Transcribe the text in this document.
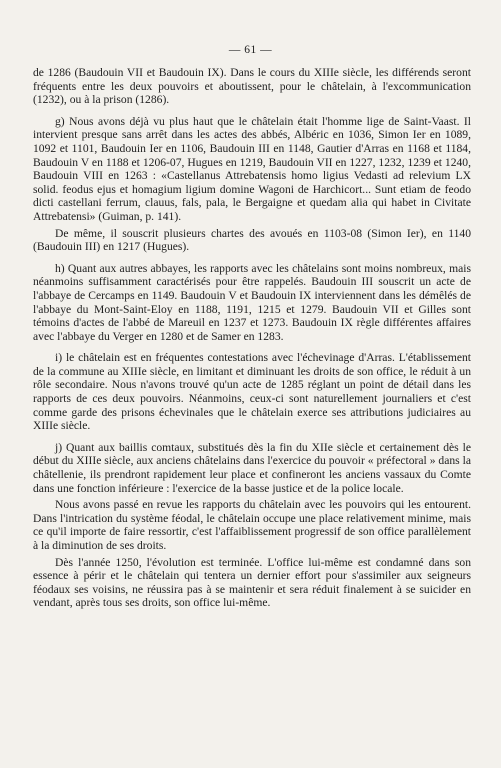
— 61 —

de 1286 (Baudouin VII et Baudouin IX). Dans le cours du XIIIe siècle, les différends seront fréquents entre les deux pouvoirs et aboutissent, pour le châtelain, à l'excommunication (1232), ou à la prison (1286).

g) Nous avons déjà vu plus haut que le châtelain était l'homme lige de Saint-Vaast. Il intervient presque sans arrêt dans les actes des abbés, Albéric en 1036, Simon Ier en 1089, 1092 et 1101, Baudouin Ier en 1106, Baudouin III en 1148, Gautier d'Arras en 1168 et 1184, Baudouin V en 1188 et 1206-07, Hugues en 1219, Baudouin VII en 1227, 1232, 1239 et 1240, Baudouin VIII en 1263 : «Castellanus Attrebatensis homo ligius Vedasti ad relevium LX solid. feodus ejus et homagium ligium domine Wagoni de Harchicort... Sunt etiam de feodo dicti castellani ferrum, clauus, fals, pala, le Bergaigne et quedam alia qui habet in Civitate Attrebatensi» (Guiman, p. 141).

De même, il souscrit plusieurs chartes des avoués en 1103-08 (Simon Ier), en 1140 (Baudouin III) en 1217 (Hugues).

h) Quant aux autres abbayes, les rapports avec les châtelains sont moins nombreux, mais néanmoins suffisamment caractérisés pour être rappelés. Baudouin III souscrit un acte de l'abbaye de Cercamps en 1149. Baudouin V et Baudouin IX interviennent dans les démêlés de l'abbaye du Mont-Saint-Eloy en 1188, 1191, 1215 et 1279. Baudouin VII et Gilles sont témoins d'actes de l'abbé de Mareuil en 1237 et 1273. Baudouin IX règle différentes affaires avec l'abbaye du Verger en 1280 et de Samer en 1283.

i) le châtelain est en fréquentes contestations avec l'échevinage d'Arras. L'établissement de la commune au XIIIe siècle, en limitant et diminuant les droits de son office, le réduit à un rôle secondaire. Nous n'avons trouvé qu'un acte de 1285 réglant un point de détail dans les rapports de ces deux pouvoirs. Néanmoins, ceux-ci sont naturellement journaliers et c'est comme garde des prisons échevinales que le châtelain exerce ses attributions judiciaires au XIIIe siècle.

j) Quant aux baillis comtaux, substitués dès la fin du XIIe siècle et certainement dès le début du XIIIe siècle, aux anciens châtelains dans l'exercice du pouvoir « préfectoral » dans la châtellenie, ils prendront rapidement leur place et confineront les anciens vassaux du Comte dans une fonction inférieure : l'exercice de la basse justice et de la police locale.

Nous avons passé en revue les rapports du châtelain avec les pouvoirs qui les entourent. Dans l'intrication du système féodal, le châtelain occupe une place relativement minime, mais ce qu'il importe de faire ressortir, c'est l'affaiblissement progressif de son office parallèlement à la diminution de ses droits.

Dès l'année 1250, l'évolution est terminée. L'office lui-même est condamné dans son essence à périr et le châtelain qui tentera un dernier effort pour s'assimiler aux seigneurs féodaux ses voisins, ne réussira pas à se maintenir et sera réduit finalement à se suicider en vendant, après tous ses droits, son office lui-même.
